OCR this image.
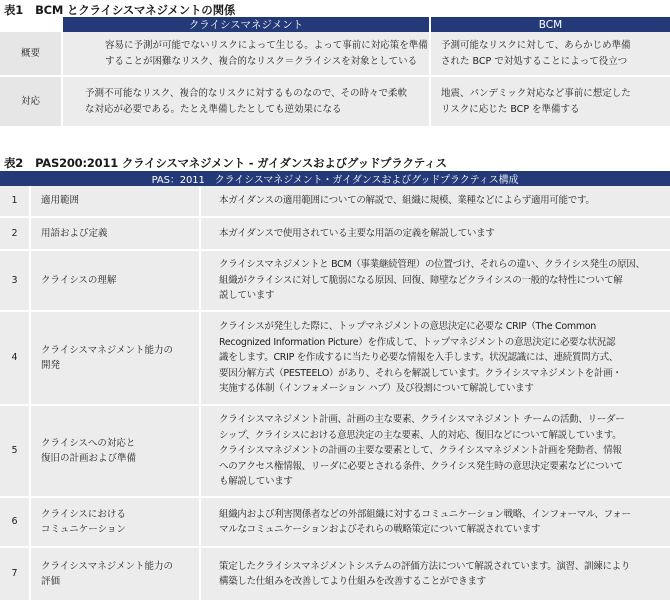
表1 BCM とクライシスマネジメントの関係
	クライシスマネジメント	BCM
概要	容易に予測が可能でないリスクによって生じる。よって事前に対応策を準備
することが困難なリスク、複合的なリスク＝クライシスを対象としている	予測可能なリスクに対して、あらかじめ準備
された BCP で対処することによって役立つ

対応	予測不可能なリスク、複合的なリスクに対するものなので、その時々で柔軟
な対応が必要である。たとえ準備したとしても逆効果になる	地震、パンデミック対応など事前に想定した
リスクに応じた BCP を準備する
表2 PAS200:2011 クライシスマネジメント - ガイダンスおよびグッドプラクティス
PAS：2011　クライシスマネジメント・ガイダンスおよびグッドプラクティス構成		
1	適用範囲	本ガイダンスの適用範囲についての解説で、組織に規模、業種などによらず適用可能です。

2	用語および定義	本ガイダンスで使用されている主要な用語の定義を解説しています

3	クライシスの理解	クライシスマネジメントと BCM（事業継続管理）の位置づけ、それらの違い、クライシス発生の原因、
組織がクライシスに対して脆弱になる原因、回復、障壁などクライシスの一般的な特性について解
説しています

4	クライシスマネジメント能力の
開発	クライシスが発生した際に、トップマネジメントの意思決定に必要な CRIP（The Common
Recognized Information Picture）を作成して、トップマネジメントの意思決定に必要な状況認
識をします。CRIP を作成するに当たり必要な情報を入手します。状況認識には、連続質問方式、
要因分解方式（PESTEELO）があり、それらを解説しています。クライシスマネジメントを計画・
実施する体制（インフォメーション ハブ）及び役割について解説しています

5	クライシスへの対応と
復旧の計画および準備	クライシスマネジメント計画、計画の主な要素、クライシスマネジメント チームの活動、リーダー
シップ、クライシスにおける意思決定の主な要素、人的対応、復旧などについて解説しています。
クライシスマネジメントの計画の主要な要素として、クライシスマネジメント計画を発動者、情報
へのアクセス権情報、リーダに必要とされる条件、クライシス発生時の意思決定要素などについて
も解説しています

6	クライシスにおける
コミュニケーション	組織内および利害関係者などの外部組織に対するコミュニケーション戦略、インフォーマル、フォー
マルなコミュニケーションおよびそれらの戦略策定について解説されています

7	クライシスマネジメント能力の
評価	策定したクライシスマネジメントシステムの評価方法について解説されています。演習、訓練により
構築した仕組みを改善してより仕組みを改善することができます
